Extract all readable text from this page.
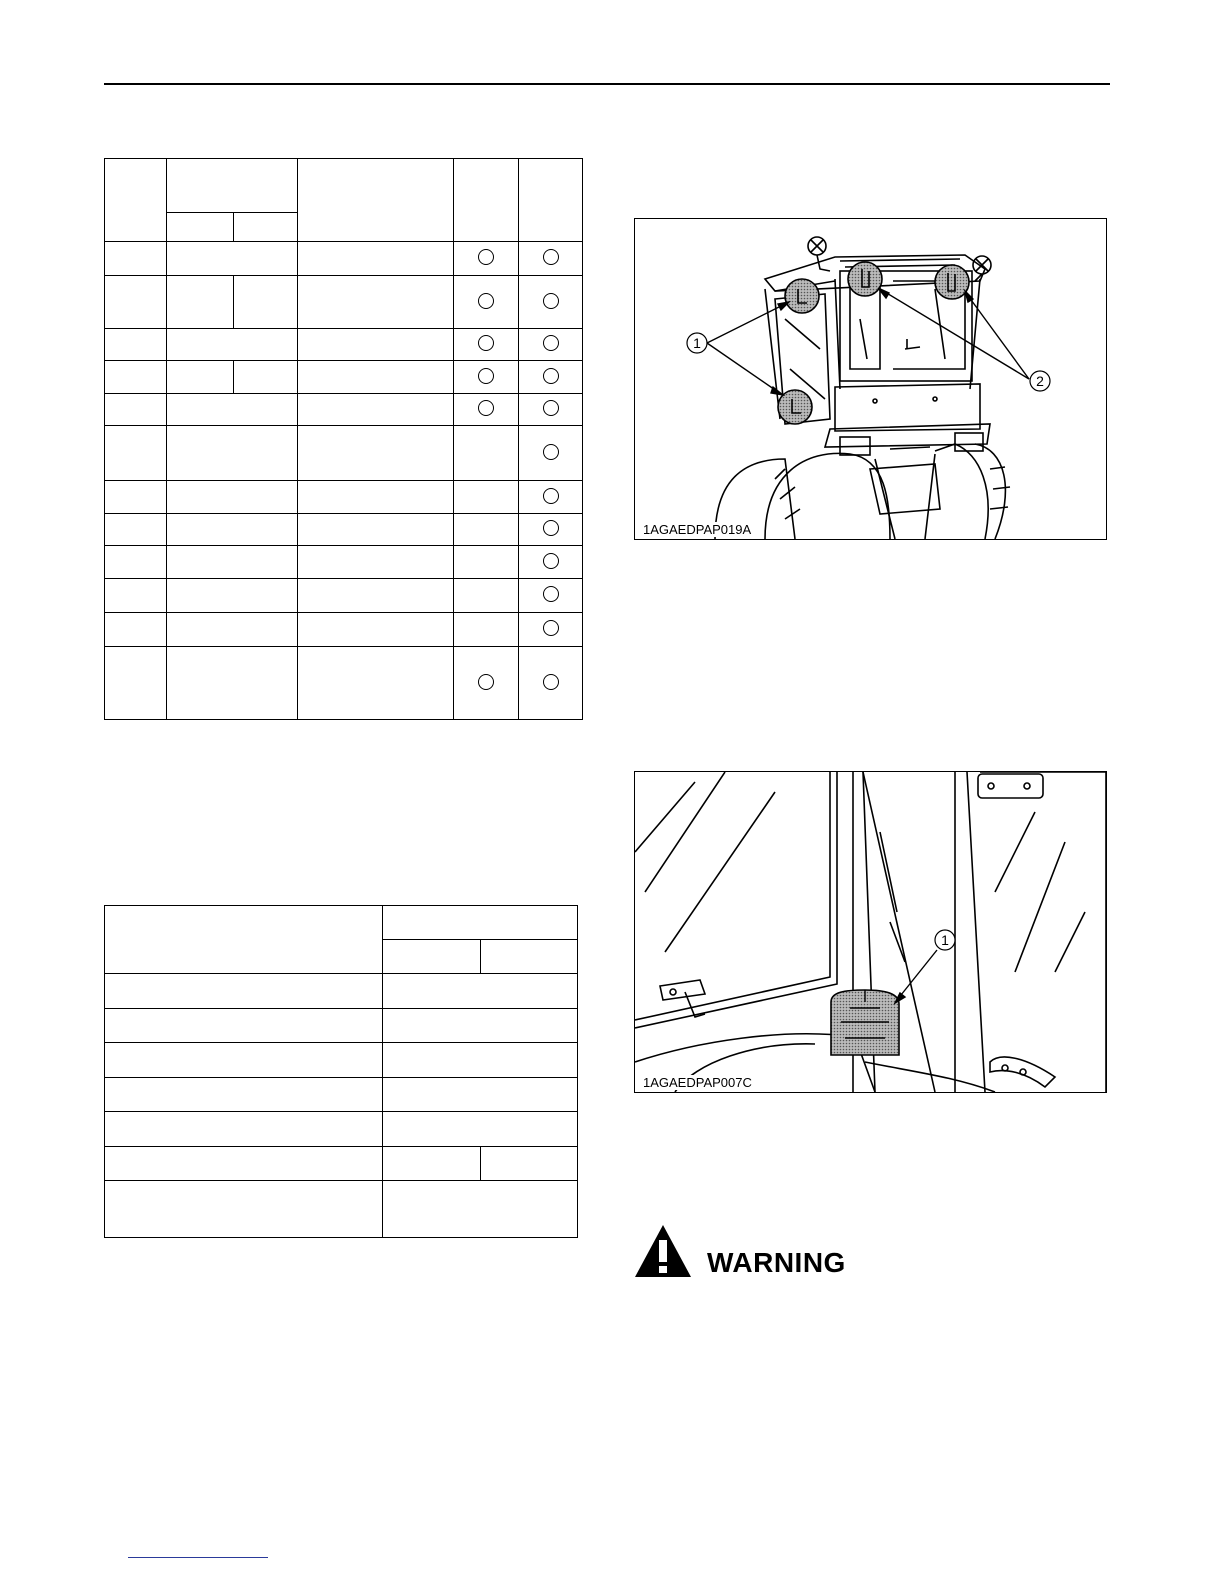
1
2
1AGAEDPAP019A
1
1AGAEDPAP007C
WARNING
